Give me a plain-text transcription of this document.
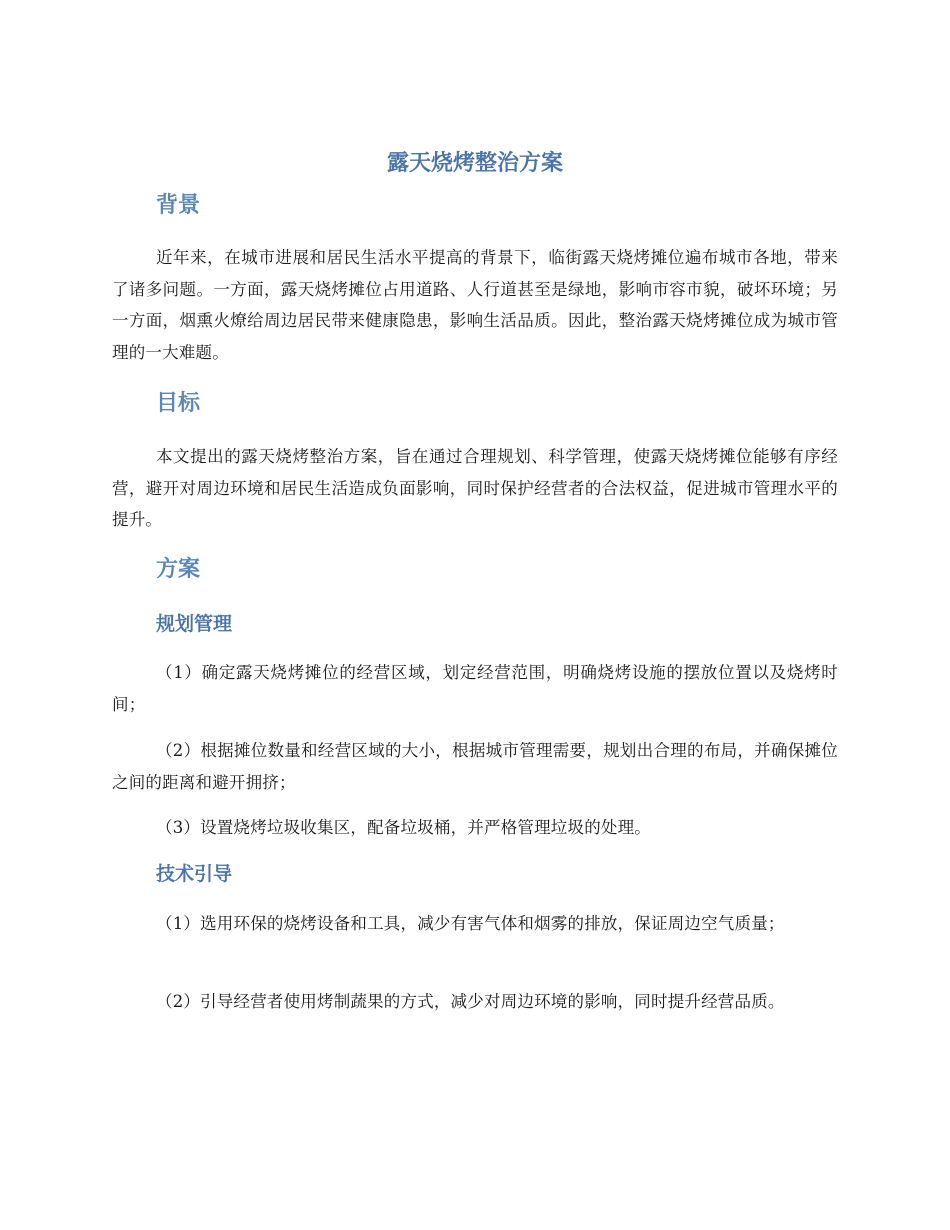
露天烧烤整治方案
背景

近年来，在城市进展和居民生活水平提高的背景下，临街露天烧烤摊位遍布城市各地，带来了诸多问题。一方面，露天烧烤摊位占用道路、人行道甚至是绿地，影响市容市貌，破坏环境；另一方面，烟熏火燎给周边居民带来健康隐患，影响生活品质。因此，整治露天烧烤摊位成为城市管理的一大难题。

目标

本文提出的露天烧烤整治方案，旨在通过合理规划、科学管理，使露天烧烤摊位能够有序经营，避开对周边环境和居民生活造成负面影响，同时保护经营者的合法权益，促进城市管理水平的提升。

方案
规划管理

（1）确定露天烧烤摊位的经营区域，划定经营范围，明确烧烤设施的摆放位置以及烧烤时间；

（2）根据摊位数量和经营区域的大小，根据城市管理需要，规划出合理的布局，并确保摊位之间的距离和避开拥挤；

（3）设置烧烤垃圾收集区，配备垃圾桶，并严格管理垃圾的处理。

技术引导

（1）选用环保的烧烤设备和工具，减少有害气体和烟雾的排放，保证周边空气质量；

（2）引导经营者使用烤制蔬果的方式，减少对周边环境的影响，同时提升经营品质。
